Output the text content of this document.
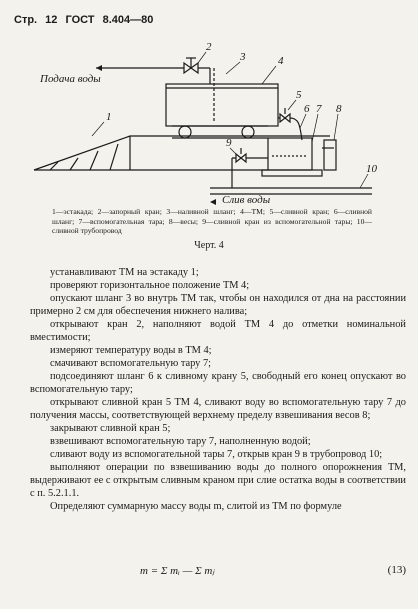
Стр. 12 ГОСТ 8.404—80
1
2
3	4
5
6 7 8
9
10
Подача воды
Слив воды
1—эстакада; 2—запорный кран; 3—наливной шланг; 4—ТМ; 5—сливной кран; 6—сливной шланг; 7—вспомогательная тара; 8—весы; 9—сливной кран из вспомогательной тары; 10—сливной трубопровод
Черт. 4

устанавливают ТМ на эстакаду 1;

проверяют горизонтальное положение ТМ 4;

опускают шланг 3 во внутрь ТМ так, чтобы он находился от дна на расстоянии примерно 2 см для обеспечения нижнего налива;

открывают кран 2, наполняют водой ТМ 4 до отметки номинальной вместимости;

измеряют температуру воды в ТМ 4;

смачивают вспомогательную тару 7;

подсоединяют шланг 6 к сливному крану 5, свободный его конец опускают во вспомогательную тару;

открывают сливной кран 5 ТМ 4, сливают воду во вспомогательную тару 7 до получения массы, соответствующей верхнему пределу взвешивания весов 8;

закрывают сливной кран 5;

взвешивают вспомогательную тару 7, наполненную водой;

сливают воду из вспомогательной тары 7, открыв кран 9 в трубопровод 10;

выполняют операции по взвешиванию воды до полного опорожнения ТМ, выдерживают ее с открытым сливным краном при слие остатка воды в соответствии с п. 5.2.1.1.

Определяют суммарную массу воды m, слитой из ТМ по формуле

m = Σ mᵢ — Σ mⱼ	(13)
